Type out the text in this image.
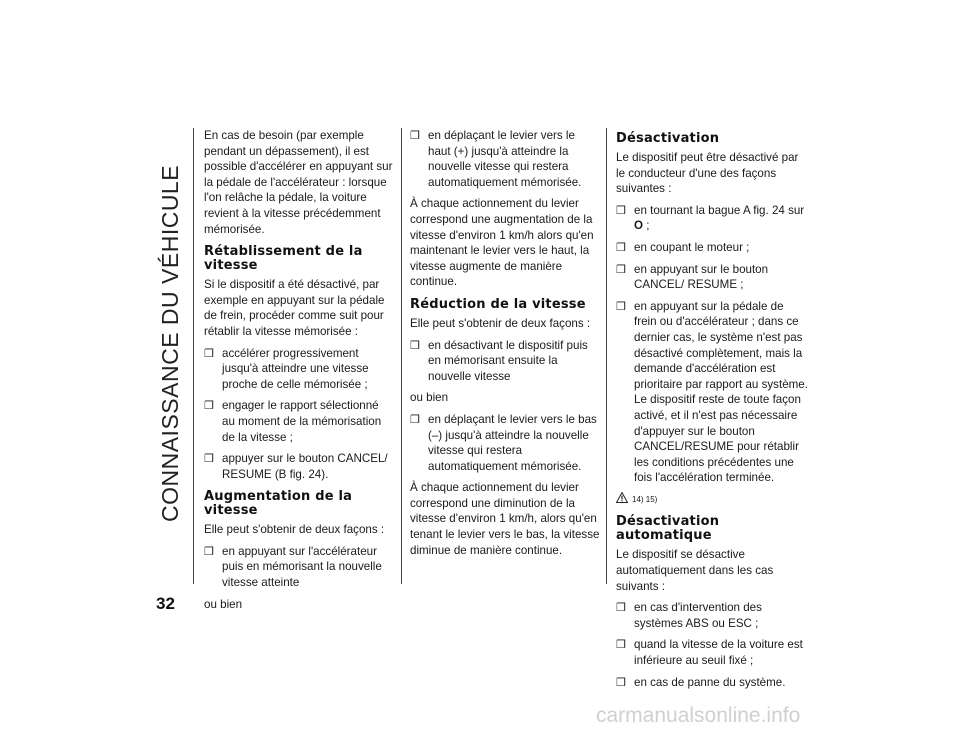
CONNAISSANCE DU VÉHICULE
32

En cas de besoin (par exemple pendant un dépassement), il est possible d'accélérer en appuyant sur la pédale de l'accélérateur : lorsque l'on relâche la pédale, la voiture revient à la vitesse précédemment mémorisée.

Rétablissement de la vitesse

Si le dispositif a été désactivé, par exemple en appuyant sur la pédale de frein, procéder comme suit pour rétablir la vitesse mémorisée :

❒ accélérer progressivement jusqu'à atteindre une vitesse proche de celle mémorisée ;
❒ engager le rapport sélectionné au moment de la mémorisation de la vitesse ;
❒ appuyer sur le bouton CANCEL/ RESUME (B fig. 24).
Augmentation de la vitesse

Elle peut s'obtenir de deux façons :

❒ en appuyant sur l'accélérateur puis en mémorisant la nouvelle vitesse atteinte

ou bien

❒ en déplaçant le levier vers le haut (+) jusqu'à atteindre la nouvelle vitesse qui restera automatiquement mémorisée.

À chaque actionnement du levier correspond une augmentation de la vitesse d'environ 1 km/h alors qu'en maintenant le levier vers le haut, la vitesse augmente de manière continue.

Réduction de la vitesse

Elle peut s'obtenir de deux façons :

❒ en désactivant le dispositif puis en mémorisant ensuite la nouvelle vitesse

ou bien

❒ en déplaçant le levier vers le bas (–) jusqu'à atteindre la nouvelle vitesse qui restera automatiquement mémorisée.

À chaque actionnement du levier correspond une diminution de la vitesse d'environ 1 km/h, alors qu'en tenant le levier vers le bas, la vitesse diminue de manière continue.

Désactivation

Le dispositif peut être désactivé par le conducteur d'une des façons suivantes :

❒ en tournant la bague A fig. 24 sur O ;
❒ en coupant le moteur ;
❒ en appuyant sur le bouton CANCEL/ RESUME ;
❒ en appuyant sur la pédale de frein ou d'accélérateur ; dans ce dernier cas, le système n'est pas désactivé complètement, mais la demande d'accélération est prioritaire par rapport au système. Le dispositif reste de toute façon activé, et il n'est pas nécessaire d'appuyer sur le bouton CANCEL/RESUME pour rétablir les conditions précédentes une fois l'accélération terminée.
14) 15)
Désactivation automatique

Le dispositif se désactive automatiquement dans les cas suivants :

❒ en cas d'intervention des systèmes ABS ou ESC ;
❒ quand la vitesse de la voiture est inférieure au seuil fixé ;
❒ en cas de panne du système.
carmanualsonline.info
